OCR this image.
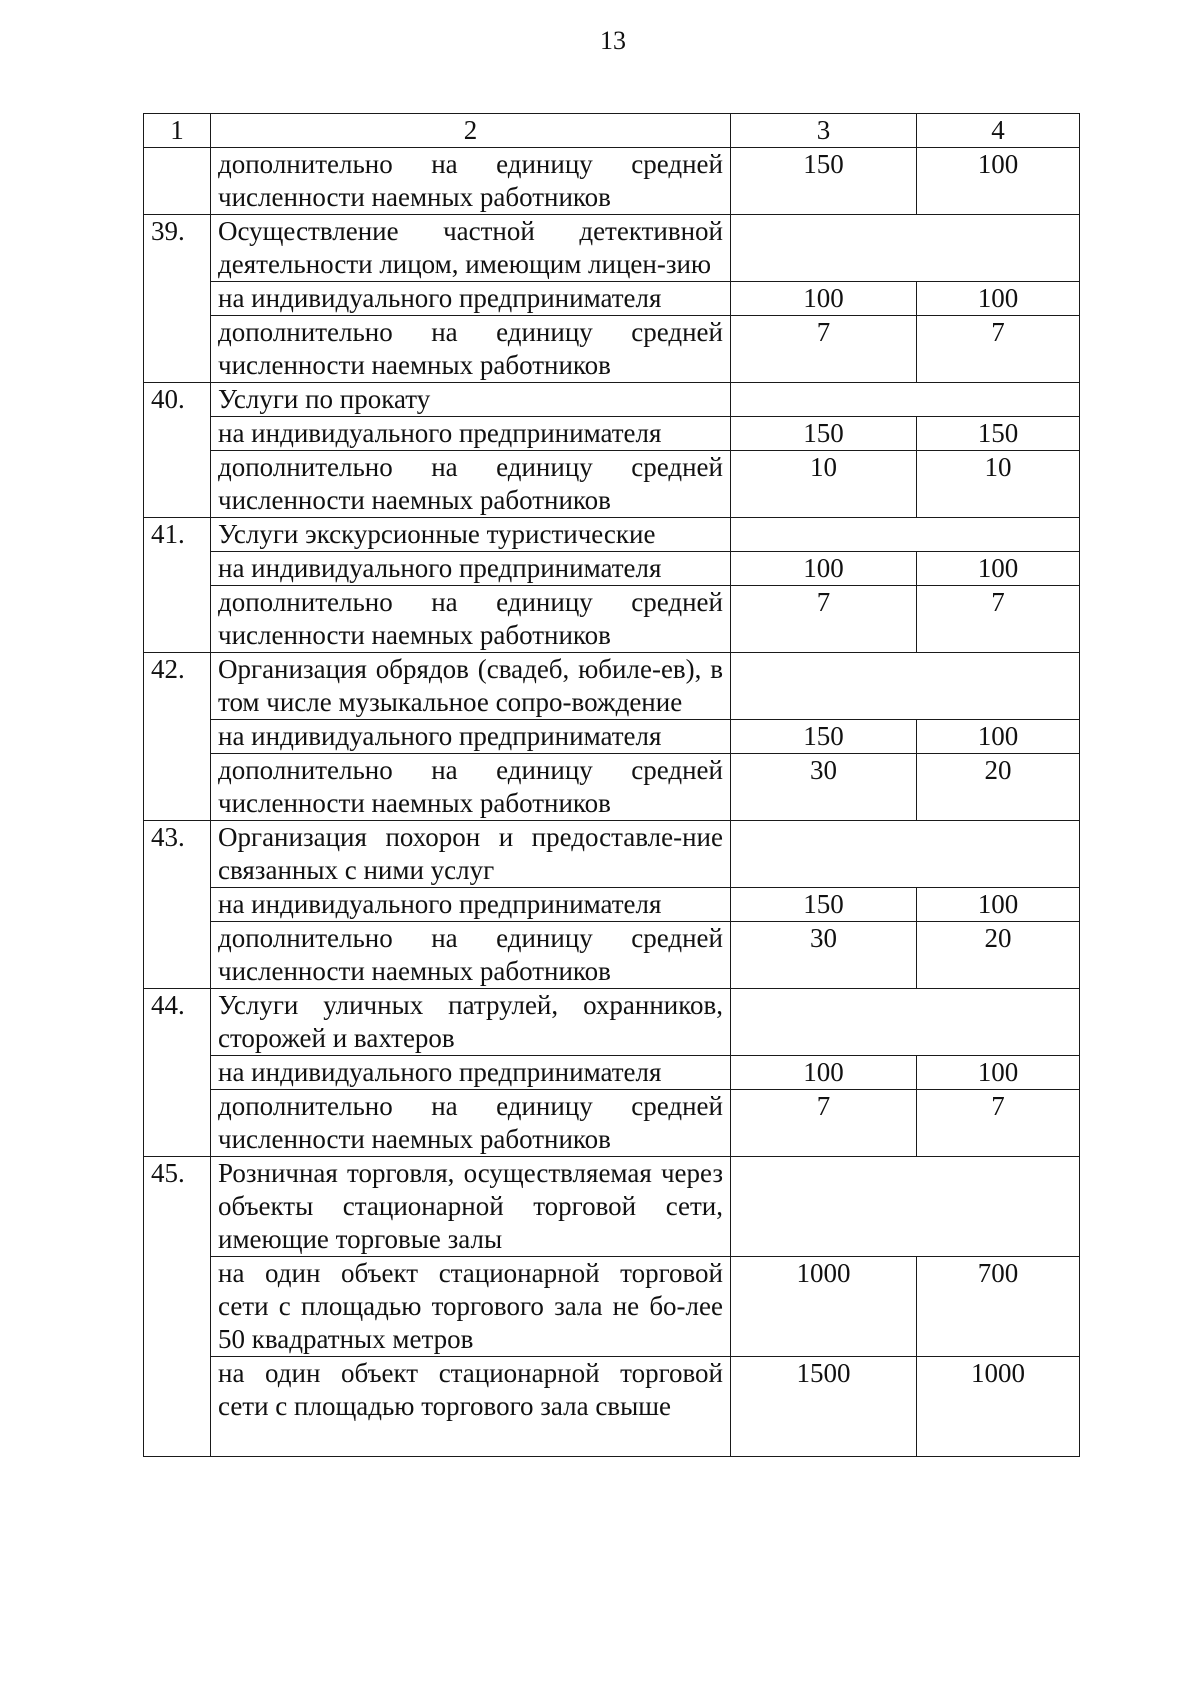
13
1	2	3	4
	дополнительно на единицу средней численности наемных работников	150	100
39.	Осуществление частной детективной деятельности лицом, имеющим лицен-зию		
	на индивидуального предпринимателя	100	100
	дополнительно на единицу средней численности наемных работников	7	7
40.	Услуги по прокату		
	на индивидуального предпринимателя	150	150
	дополнительно на единицу средней численности наемных работников	10	10
41.	Услуги экскурсионные туристические		
	на индивидуального предпринимателя	100	100
	дополнительно на единицу средней численности наемных работников	7	7
42.	Организация обрядов (свадеб, юбиле-ев), в том числе музыкальное сопро-вождение		
	на индивидуального предпринимателя	150	100
	дополнительно на единицу средней численности наемных работников	30	20
43.	Организация похорон и предоставле-ние связанных с ними услуг		
	на индивидуального предпринимателя	150	100
	дополнительно на единицу средней численности наемных работников	30	20
44.	Услуги уличных патрулей, охранников, сторожей и вахтеров		
	на индивидуального предпринимателя	100	100
	дополнительно на единицу средней численности наемных работников	7	7
45.	Розничная торговля, осуществляемая через объекты стационарной торговой сети, имеющие торговые залы		
	на один объект стационарной торговой сети с площадью торгового зала не бо-лее 50 квадратных метров	1000	700
	на один объект стационарной торговой сети с площадью торгового зала свыше	1500	1000
